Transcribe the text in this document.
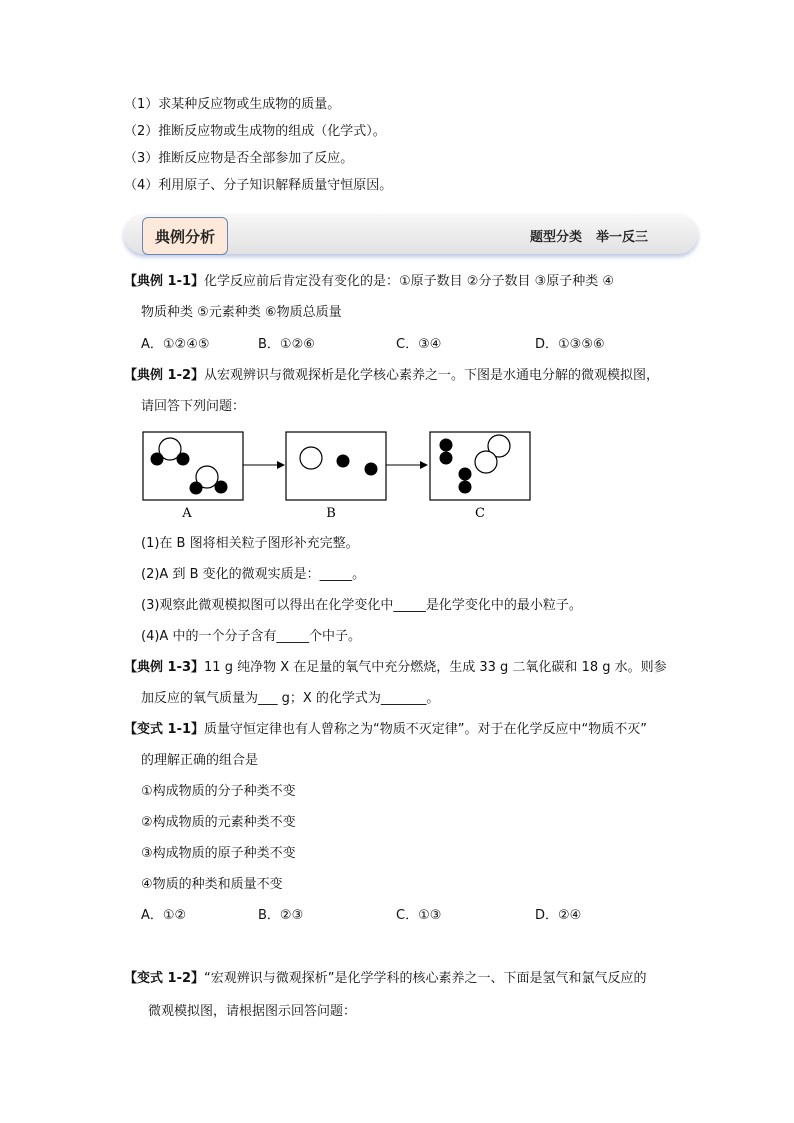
（1）求某种反应物或生成物的质量。
（2）推断反应物或生成物的组成（化学式）。
（3）推断反应物是否全部参加了反应。
（4）利用原子、分子知识解释质量守恒原因。
典例分析	题型分类 举一反三
【典例 1-1】化学反应前后肯定没有变化的是：①原子数目 ②分子数目 ③原子种类 ④
物质种类 ⑤元素种类 ⑥物质总质量
A．①②④⑤	B．①②⑥	C．③④	D．①③⑤⑥
【典例 1-2】从宏观辨识与微观探析是化学核心素养之一。下图是水通电分解的微观模拟图，
请回答下列问题：
A	B	C
(1)在 B 图将相关粒子图形补充完整。
(2)A 到 B 变化的微观实质是：_____。
(3)观察此微观模拟图可以得出在化学变化中_____是化学变化中的最小粒子。
(4)A 中的一个分子含有_____个中子。
【典例 1-3】11 g 纯净物 X 在足量的氧气中充分燃烧，生成 33 g 二氧化碳和 18 g 水。则参
加反应的氧气质量为___ g；X 的化学式为_______。
【变式 1-1】质量守恒定律也有人曾称之为“物质不灭定律”。对于在化学反应中“物质不灭”
的理解正确的组合是
①构成物质的分子种类不变
②构成物质的元素种类不变
③构成物质的原子种类不变
④物质的种类和质量不变
A．①②	B．②③	C．①③	D．②④
【变式 1-2】“宏观辨识与微观探析”是化学学科的核心素养之一、下面是氢气和氯气反应的
微观模拟图，请根据图示回答问题：
